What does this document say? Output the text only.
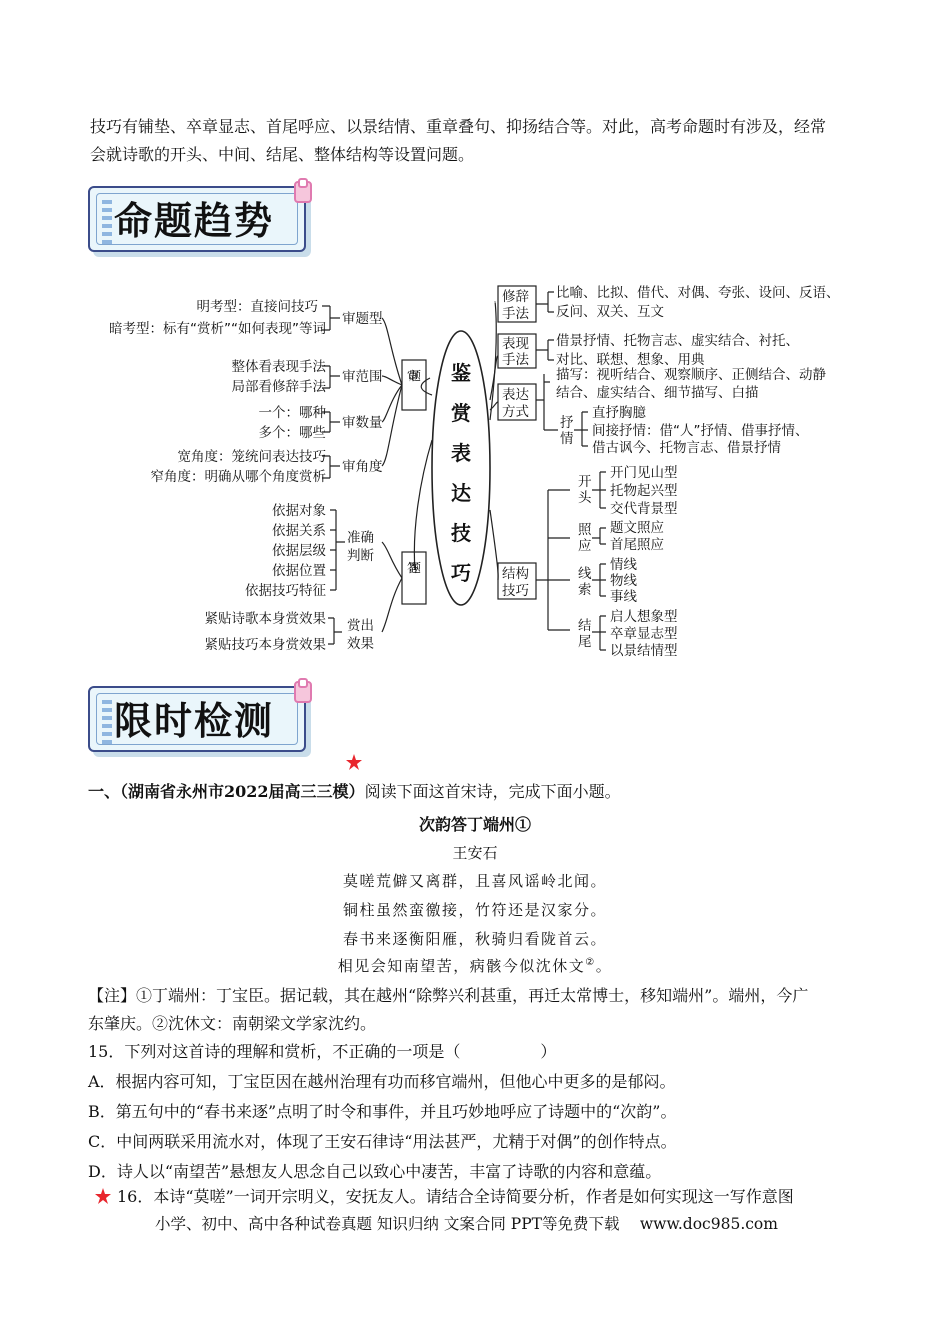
技巧有铺垫、卒章显志、首尾呼应、以景结情、重章叠句、抑扬结合等。对此，高考命题时有涉及，经常
会就诗歌的开头、中间、结尾、整体结构等设置问题。
命题趋势
鉴
赏
表
达
技
巧
审题
答题
审题型
明考型：直接问技巧
暗考型：标有“赏析”“如何表现”等词
审范围
整体看表现手法
局部看修辞手法
审数量
一个：哪种
多个：哪些
审角度
宽角度：笼统问表达技巧
窄角度：明确从哪个角度赏析
准确
判断
依据对象
依据关系
依据层级
依据位置
依据技巧特征
赏出
效果
紧贴诗歌本身赏效果
紧贴技巧本身赏效果
修辞
手法
比喻、比拟、借代、对偶、夸张、设问、反语、
反问、双关、互文
表现
手法
借景抒情、托物言志、虚实结合、衬托、
对比、联想、想象、用典
表达
方式
描写：视听结合、观察顺序、正侧结合、动静
结合、虚实结合、细节描写、白描
抒
情
直抒胸臆
间接抒情：借“人”抒情、借事抒情、
借古讽今、托物言志、借景抒情
结构
技巧
开
头
开门见山型
托物起兴型
交代背景型
照
应
题文照应
首尾照应
线
索
情线
物线
事线
结
尾
启人想象型
卒章显志型
以景结情型
限时检测
一、（湖南省永州市2022届高三三模）阅读下面这首宋诗，完成下面小题。
次韵答丁端州①
王安石
莫嗟荒僻又离群，且喜风谣岭北闻。
铜柱虽然蛮徼接，竹符还是汉家分。
春书来逐衡阳雁，秋骑归看陇首云。
相见会知南望苦，病骸今似沈休文②。
【注】①丁端州：丁宝臣。据记载，其在越州“除弊兴利甚重，再迁太常博士，移知端州”。端州，今广
东肇庆。②沈休文：南朝梁文学家沈约。
15．下列对这首诗的理解和赏析，不正确的一项是（　　　　　）
A．根据内容可知，丁宝臣因在越州治理有功而移官端州，但他心中更多的是郁闷。
B．第五句中的“春书来逐”点明了时令和事件，并且巧妙地呼应了诗题中的“次韵”。
C．中间两联采用流水对，体现了王安石律诗“用法甚严，尤精于对偶”的创作特点。
D．诗人以“南望苦”悬想友人思念自己以致心中凄苦，丰富了诗歌的内容和意蕴。
16．本诗“莫嗟”一词开宗明义，安抚友人。请结合全诗简要分析，作者是如何实现这一写作意图
小学、初中、高中各种试卷真题 知识归纳 文案合同 PPT等免费下载　 www.doc985.com
